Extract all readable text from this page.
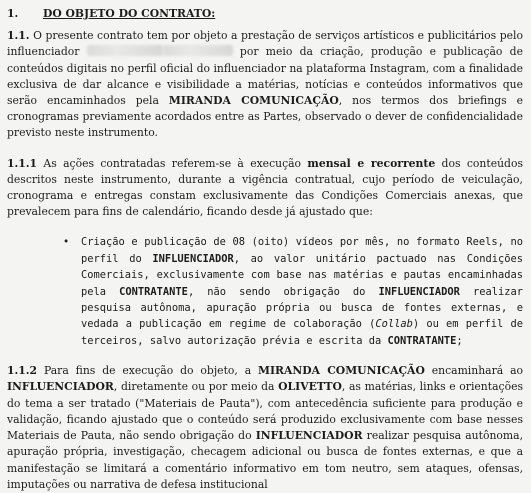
1. DO OBJETO DO CONTRATO:

1.1. O presente contrato tem por objeto a prestação de serviços artísticos e publicitários pelo influenciador	por meio da criação, produção e publicação de conteúdos digitais no perfil oficial do influenciador na plataforma Instagram, com a finalidade exclusiva de dar alcance e visibilidade a matérias, notícias e conteúdos informativos que serão encaminhados pela MIRANDA COMUNICAÇÃO, nos termos dos briefings e cronogramas previamente acordados entre as Partes, observado o dever de confidencialidade previsto neste instrumento.

1.1.1 As ações contratadas referem-se à execução mensal e recorrente dos conteúdos descritos neste instrumento, durante a vigência contratual, cujo período de veiculação, cronograma e entregas constam exclusivamente das Condições Comerciais anexas, que prevalecem para fins de calendário, ficando desde já ajustado que:

• Criação e publicação de 08 (oito) vídeos por mês, no formato Reels, no perfil do INFLUENCIADOR, ao valor unitário pactuado nas Condições Comerciais, exclusivamente com base nas matérias e pautas encaminhadas pela CONTRATANTE, não sendo obrigação do INFLUENCIADOR realizar pesquisa autônoma, apuração própria ou busca de fontes externas, e vedada a publicação em regime de colaboração (Collab) ou em perfil de terceiros, salvo autorização prévia e escrita da CONTRATANTE;

1.1.2 Para fins de execução do objeto, a MIRANDA COMUNICAÇÃO encaminhará ao INFLUENCIADOR, diretamente ou por meio da OLIVETTO, as matérias, links e orientações do tema a ser tratado ("Materiais de Pauta"), com antecedência suficiente para produção e validação, ficando ajustado que o conteúdo será produzido exclusivamente com base nesses Materiais de Pauta, não sendo obrigação do INFLUENCIADOR realizar pesquisa autônoma, apuração própria, investigação, checagem adicional ou busca de fontes externas, e que a manifestação se limitará a comentário informativo em tom neutro, sem ataques, ofensas, imputações ou narrativa de defesa institucional
